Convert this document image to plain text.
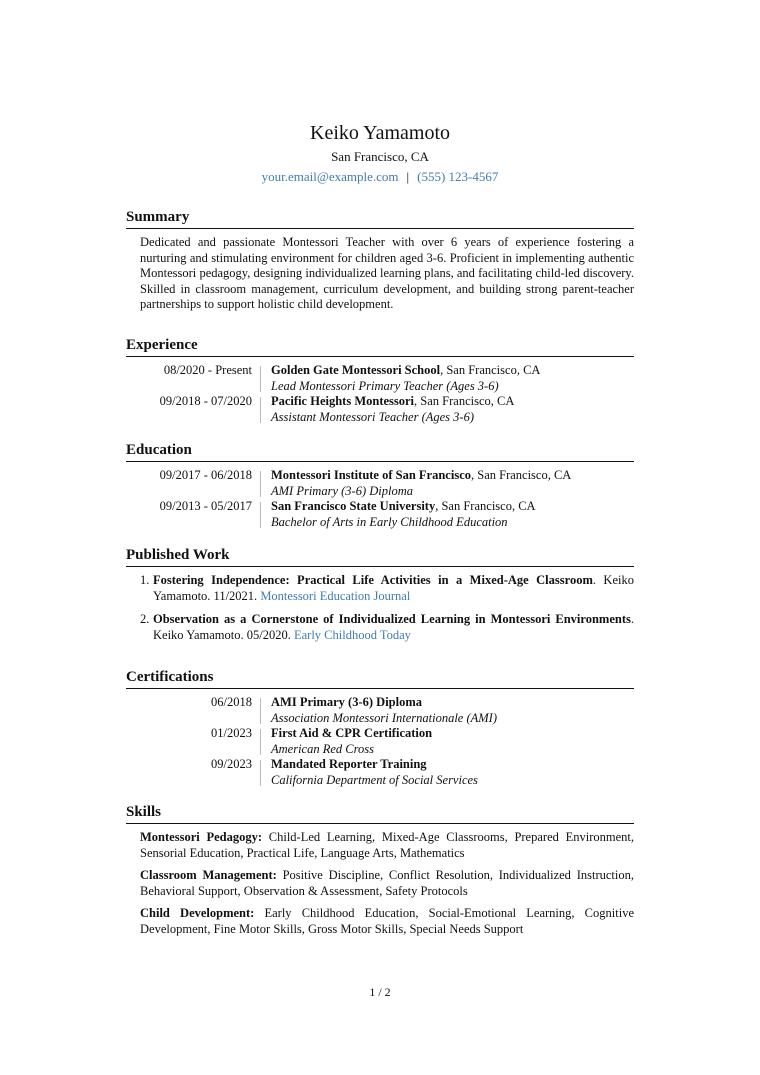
Keiko Yamamoto
San Francisco, CA
your.email@example.com | (555) 123-4567
Summary
Dedicated and passionate Montessori Teacher with over 6 years of experience fostering a nurturing and stimulating environment for children aged 3-6. Proficient in implementing authentic Montessori pedagogy, designing individualized learning plans, and facilitating child-led discovery. Skilled in classroom management, curriculum development, and building strong parent-teacher partnerships to support holistic child development.
Experience
08/2020 - Present	Golden Gate Montessori School, San Francisco, CA
Lead Montessori Primary Teacher (Ages 3-6)
09/2018 - 07/2020	Pacific Heights Montessori, San Francisco, CA
Assistant Montessori Teacher (Ages 3-6)
Education
09/2017 - 06/2018	Montessori Institute of San Francisco, San Francisco, CA
AMI Primary (3-6) Diploma
09/2013 - 05/2017	San Francisco State University, San Francisco, CA
Bachelor of Arts in Early Childhood Education
Published Work
1. Fostering Independence: Practical Life Activities in a Mixed-Age Classroom. Keiko Yamamoto. 11/2021. Montessori Education Journal
2. Observation as a Cornerstone of Individualized Learning in Montessori Environments. Keiko Yamamoto. 05/2020. Early Childhood Today
Certifications
06/2018	AMI Primary (3-6) Diploma
Association Montessori Internationale (AMI)
01/2023	First Aid & CPR Certification
American Red Cross
09/2023	Mandated Reporter Training
California Department of Social Services
Skills
Montessori Pedagogy: Child-Led Learning, Mixed-Age Classrooms, Prepared Environment, Sensorial Education, Practical Life, Language Arts, Mathematics
Classroom Management: Positive Discipline, Conflict Resolution, Individualized Instruction, Behavioral Support, Observation & Assessment, Safety Protocols
Child Development: Early Childhood Education, Social-Emotional Learning, Cognitive Development, Fine Motor Skills, Gross Motor Skills, Special Needs Support
1 / 2
